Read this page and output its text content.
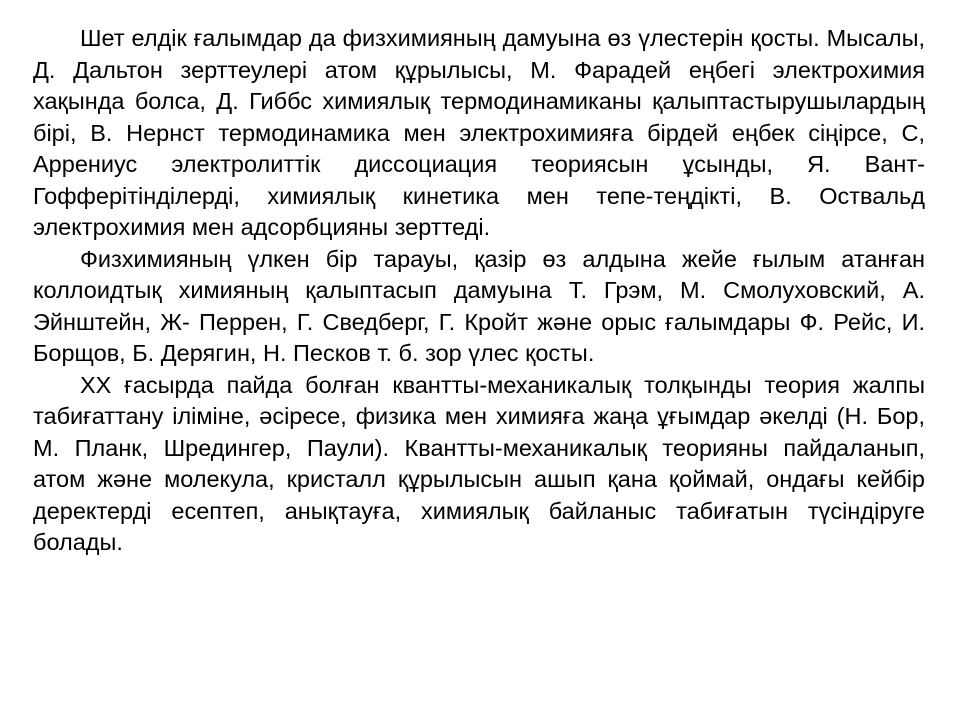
Шет елдік ғалымдар да физхимияның дамуына өз үлестерін қосты. Мысалы, Д. Дальтон зерттеулері атом құрылысы, М. Фарадей еңбегі электрохимия хақында болса, Д. Гиббс химиялық термодинамиканы қалыптастырушылардың бірі, В. Нернст термодинамика мен электрохимияға бірдей еңбек сіңірсе, С, Аррениус электролиттік диссоциация теориясын ұсынды, Я. Вант-Гофферітінділерді, химиялық кинетика мен тепе-теңдікті, В. Оствальд электрохимия мен адсорбцияны зерттеді.

Физхимияның үлкен бір тарауы, қазір өз алдына жейе ғылым атанған коллоидтық химияның қалыптасып дамуына Т. Грэм, М. Смолуховский, А. Эйнштейн, Ж- Перрен, Г. Сведберг, Г. Кройт және орыс ғалымдары Ф. Рейс, И. Борщов, Б. Дерягин, Н. Песков т. б. зор үлес қосты.

XX ғасырда пайда болған квантты-механикалық толқынды теория жалпы табиғаттану іліміне, әсіресе, физика мен химияға жаңа ұғымдар әкелді (Н. Бор, М. Планк, Шредингер, Паули). Квантты-механикалық теорияны пайдаланып, атом және молекула, кристалл құрылысын ашып қана қоймай, ондағы кейбір деректерді есептеп, анықтауға, химиялық байланыс табиғатын түсіндіруге болады.
